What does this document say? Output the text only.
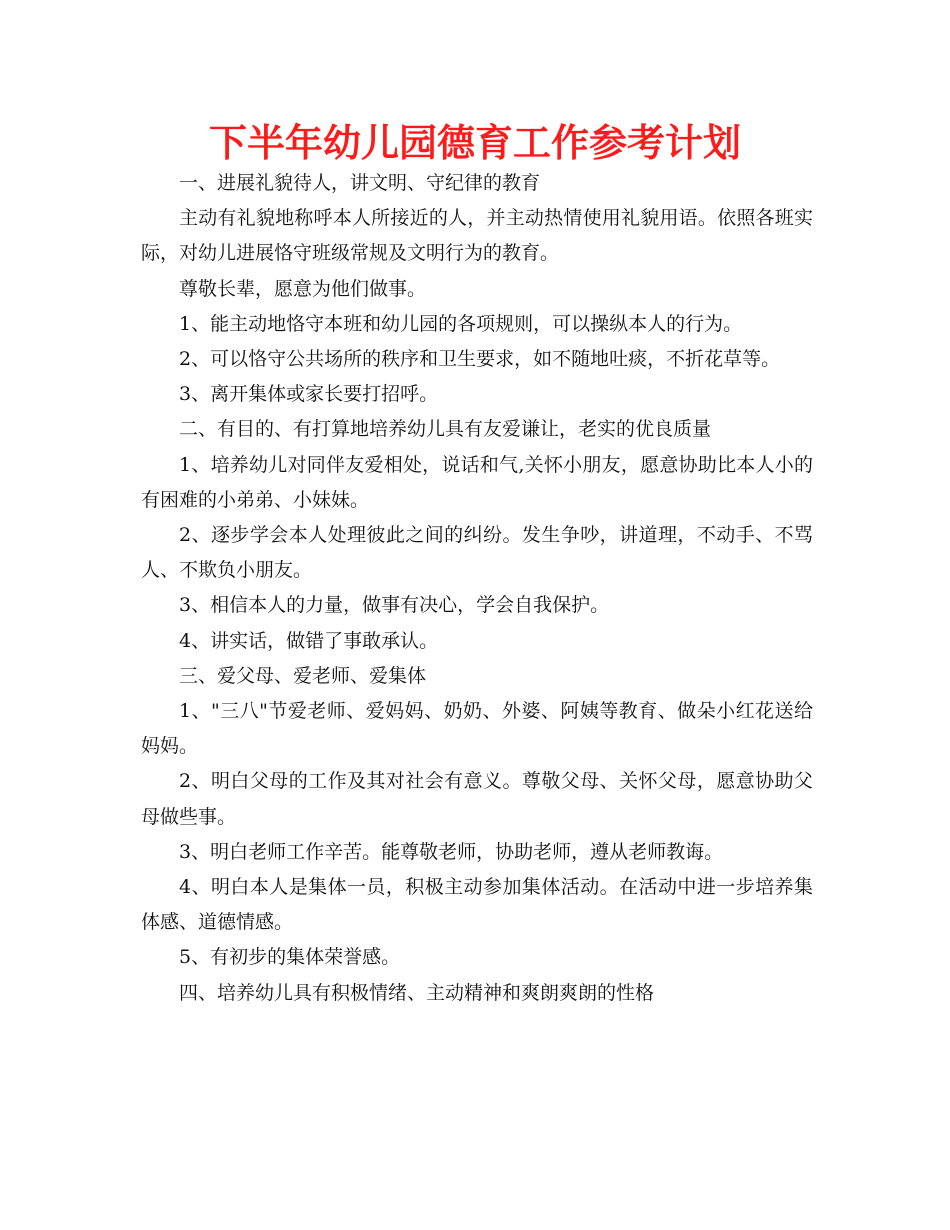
下半年幼儿园德育工作参考计划

一、进展礼貌待人，讲文明、守纪律的教育

主动有礼貌地称呼本人所接近的人，并主动热情使用礼貌用语。依照各班实际，对幼儿进展恪守班级常规及文明行为的教育。

尊敬长辈，愿意为他们做事。

1、能主动地恪守本班和幼儿园的各项规则，可以操纵本人的行为。

2、可以恪守公共场所的秩序和卫生要求，如不随地吐痰，不折花草等。

3、离开集体或家长要打招呼。

二、有目的、有打算地培养幼儿具有友爱谦让，老实的优良质量

1、培养幼儿对同伴友爱相处，说话和气,关怀小朋友，愿意协助比本人小的有困难的小弟弟、小妹妹。

2、逐步学会本人处理彼此之间的纠纷。发生争吵，讲道理，不动手、不骂人、不欺负小朋友。

3、相信本人的力量，做事有决心，学会自我保护。

4、讲实话，做错了事敢承认。

三、爱父母、爱老师、爱集体

1、"三八"节爱老师、爱妈妈、奶奶、外婆、阿姨等教育、做朵小红花送给妈妈。

2、明白父母的工作及其对社会有意义。尊敬父母、关怀父母，愿意协助父母做些事。

3、明白老师工作辛苦。能尊敬老师，协助老师，遵从老师教诲。

4、明白本人是集体一员，积极主动参加集体活动。在活动中进一步培养集体感、道德情感。

5、有初步的集体荣誉感。

四、培养幼儿具有积极情绪、主动精神和爽朗爽朗的性格
